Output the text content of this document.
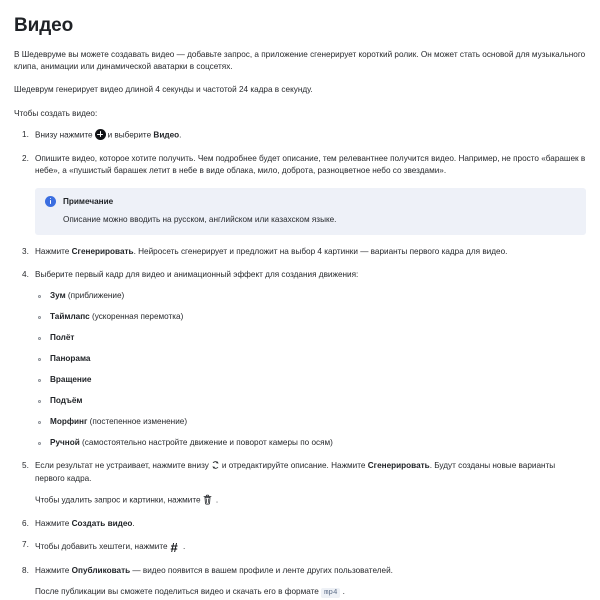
Видео

В Шедевруме вы можете создавать видео — добавьте запрос, а приложение сгенерирует короткий ролик. Он может стать основой для музыкального клипа, анимации или динамической аватарки в соцсетях.

Шедеврум генерирует видео длиной 4 секунды и частотой 24 кадра в секунду.

Чтобы создать видео:

Внизу нажмите и выберите Видео.
Опишите видео, которое хотите получить. Чем подробнее будет описание, тем релевантнее получится видео. Например, не просто «барашек в небе», а «пушистый барашек летит в небе в виде облака, мило, доброта, разноцветное небо со звездами».
Примечание
Описание можно вводить на русском, английском или казахском языке.
Нажмите Сгенерировать. Нейросеть сгенерирует и предложит на выбор 4 картинки — варианты первого кадра для видео.
Выберите первый кадр для видео и анимационный эффект для создания движения:
Зум (приближение)
Таймлапс (ускоренная перемотка)
Полёт
Панорама
Вращение
Подъём
Морфинг (постепенное изменение)
Ручной (самостоятельно настройте движение и поворот камеры по осям)
Если результат не устраивает, нажмите внизу и отредактируйте описание. Нажмите Сгенерировать. Будут созданы новые варианты первого кадра.
Чтобы удалить запрос и картинки, нажмите .
Нажмите Создать видео.
Чтобы добавить хештеги, нажмите # .
Нажмите Опубликовать — видео появится в вашем профиле и ленте других пользователей.
После публикации вы сможете поделиться видео и скачать его в формате mp4 .
